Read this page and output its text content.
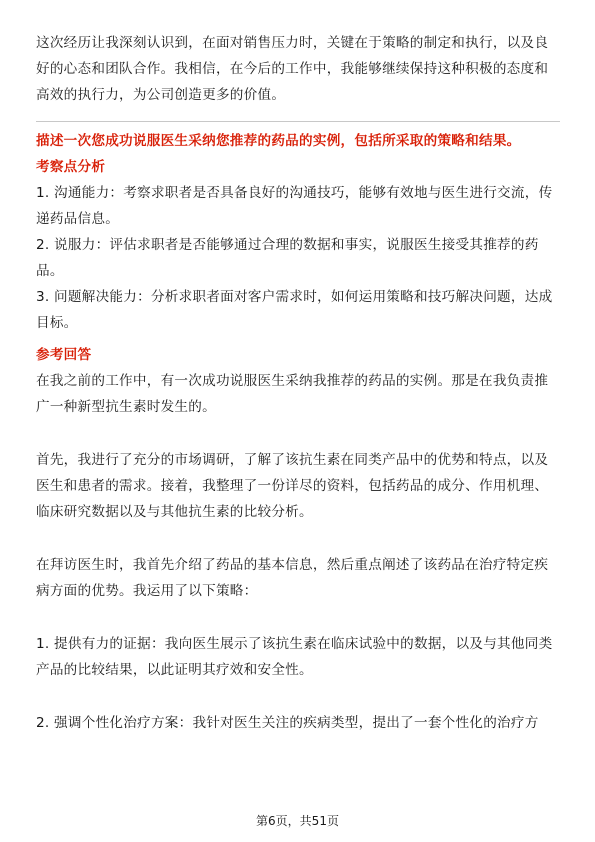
这次经历让我深刻认识到，在面对销售压力时，关键在于策略的制定和执行，以及良好的心态和团队合作。我相信，在今后的工作中，我能够继续保持这种积极的态度和高效的执行力，为公司创造更多的价值。

描述一次您成功说服医生采纳您推荐的药品的实例，包括所采取的策略和结果。

考察点分析

1. 沟通能力：考察求职者是否具备良好的沟通技巧，能够有效地与医生进行交流，传递药品信息。

2. 说服力：评估求职者是否能够通过合理的数据和事实，说服医生接受其推荐的药品。

3. 问题解决能力：分析求职者面对客户需求时，如何运用策略和技巧解决问题，达成目标。

参考回答

在我之前的工作中，有一次成功说服医生采纳我推荐的药品的实例。那是在我负责推广一种新型抗生素时发生的。

首先，我进行了充分的市场调研，了解了该抗生素在同类产品中的优势和特点，以及医生和患者的需求。接着，我整理了一份详尽的资料，包括药品的成分、作用机理、临床研究数据以及与其他抗生素的比较分析。

在拜访医生时，我首先介绍了药品的基本信息，然后重点阐述了该药品在治疗特定疾病方面的优势。我运用了以下策略：

1. 提供有力的证据：我向医生展示了该抗生素在临床试验中的数据，以及与其他同类产品的比较结果，以此证明其疗效和安全性。

2. 强调个性化治疗方案：我针对医生关注的疾病类型，提出了一套个性化的治疗方

第6页，共51页
